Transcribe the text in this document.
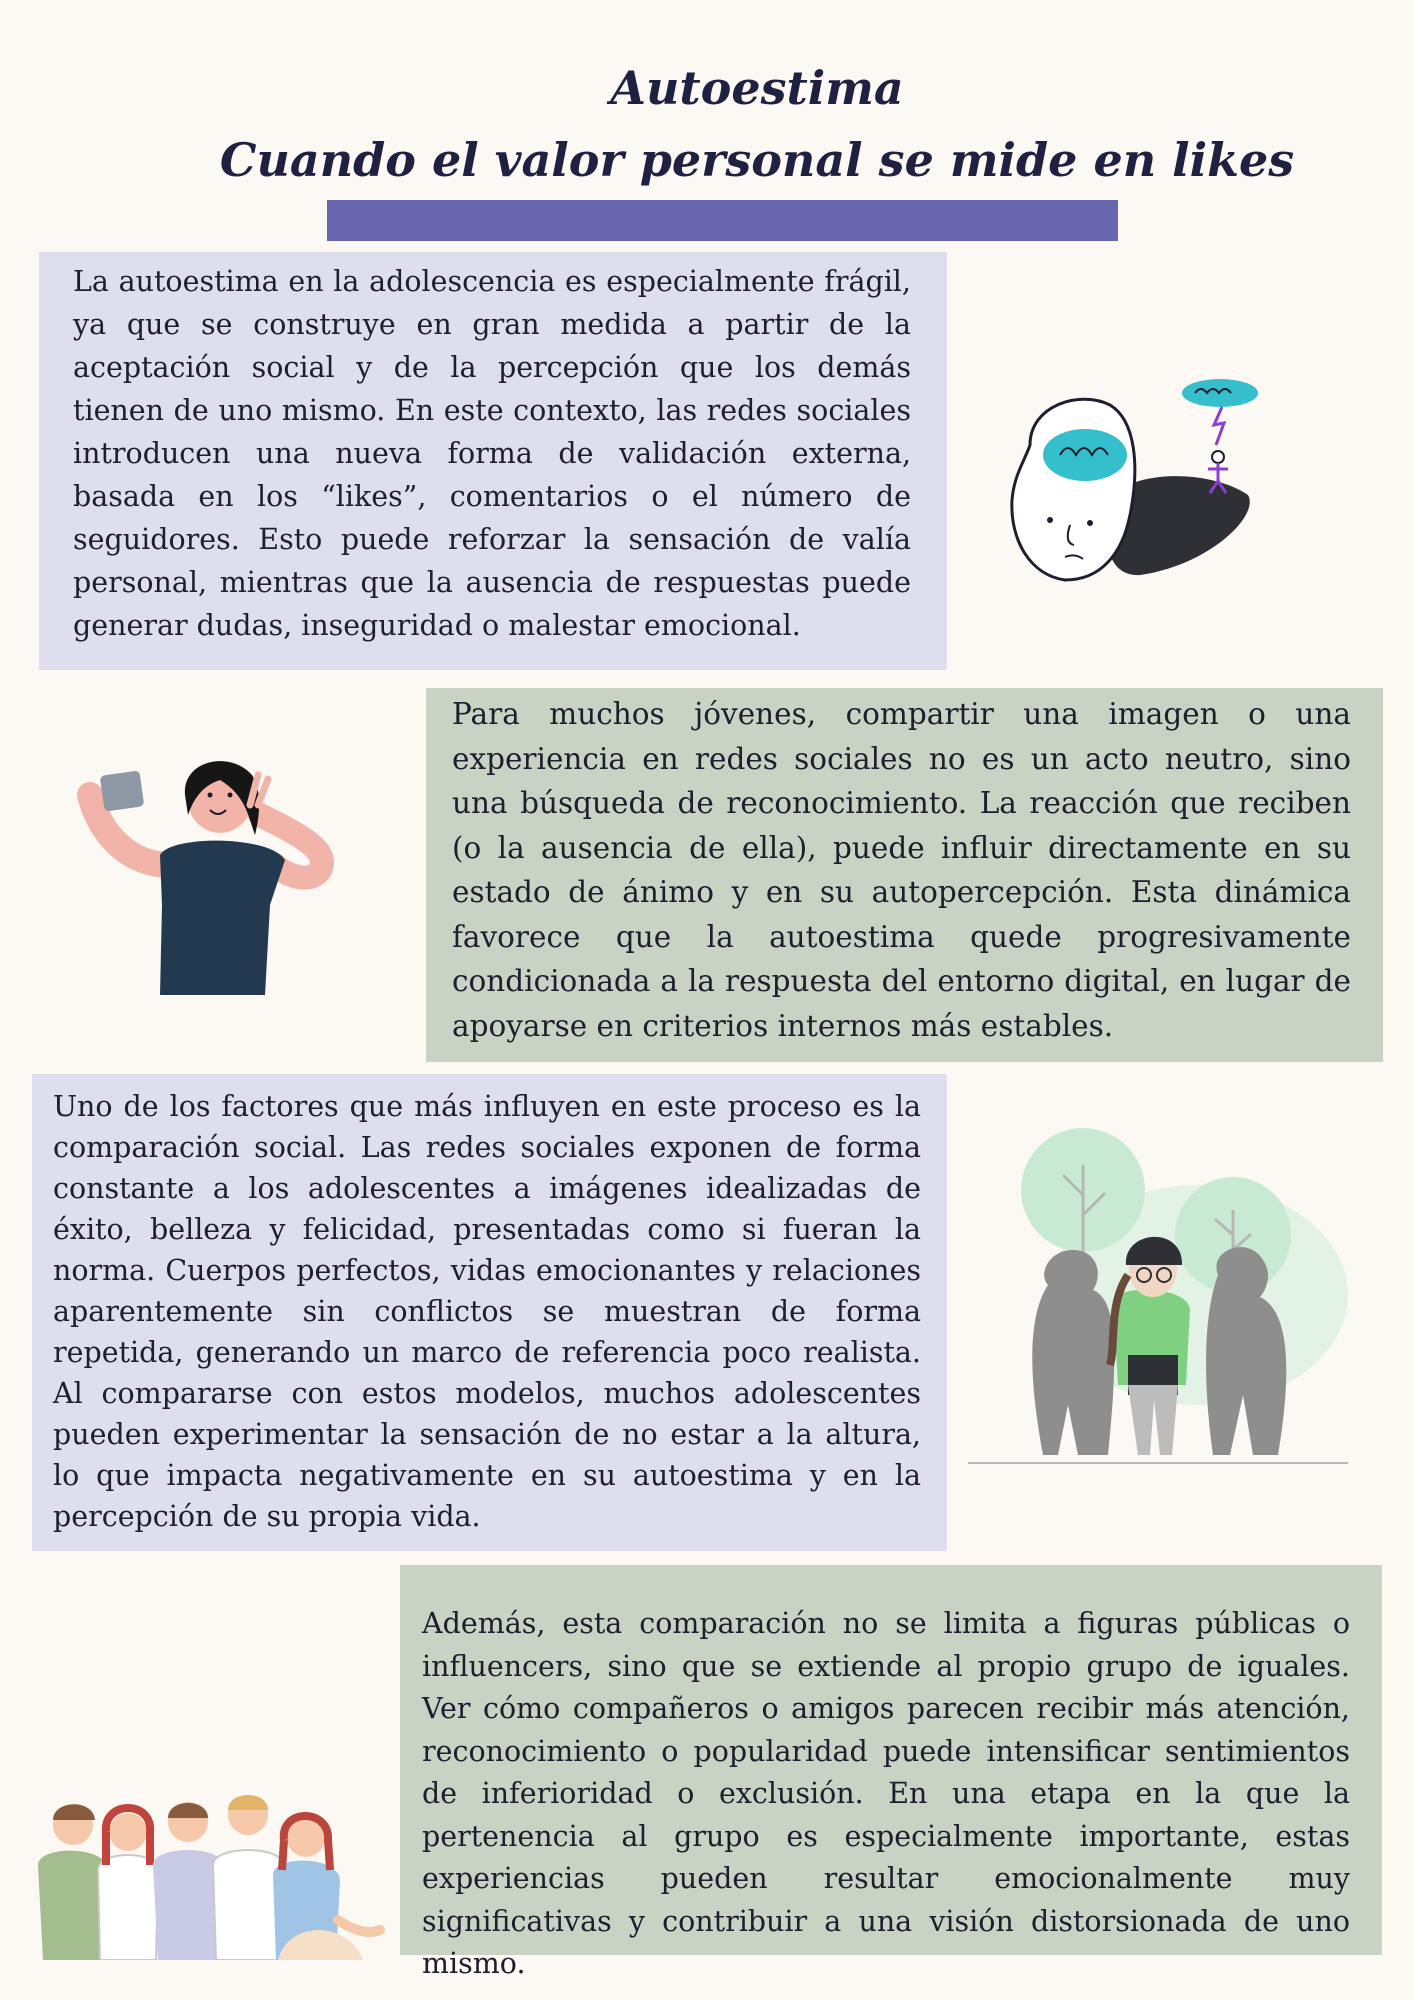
Autoestima
Cuando el valor personal se mide en likes

La autoestima en la adolescencia es especialmente frágil, ya que se construye en gran medida a partir de la aceptación social y de la percepción que los demás tienen de uno mismo. En este contexto, las redes sociales introducen una nueva forma de validación externa, basada en los “likes”, comentarios o el número de seguidores. Esto puede reforzar la sensación de valía personal, mientras que la ausencia de respuestas puede generar dudas, inseguridad o malestar emocional.

Para muchos jóvenes, compartir una imagen o una experiencia en redes sociales no es un acto neutro, sino una búsqueda de reconocimiento. La reacción que reciben (o la ausencia de ella), puede influir directamente en su estado de ánimo y en su autopercepción. Esta dinámica favorece que la autoestima quede progresivamente condicionada a la respuesta del entorno digital, en lugar de apoyarse en criterios internos más estables.

Uno de los factores que más influyen en este proceso es la comparación social. Las redes sociales exponen de forma constante a los adolescentes a imágenes idealizadas de éxito, belleza y felicidad, presentadas como si fueran la norma. Cuerpos perfectos, vidas emocionantes y relaciones aparentemente sin conflictos se muestran de forma repetida, generando un marco de referencia poco realista. Al compararse con estos modelos, muchos adolescentes pueden experimentar la sensación de no estar a la altura, lo que impacta negativamente en su autoestima y en la percepción de su propia vida.

Además, esta comparación no se limita a figuras públicas o influencers, sino que se extiende al propio grupo de iguales. Ver cómo compañeros o amigos parecen recibir más atención, reconocimiento o popularidad puede intensificar sentimientos de inferioridad o exclusión. En una etapa en la que la pertenencia al grupo es especialmente importante, estas experiencias pueden resultar emocionalmente muy significativas y contribuir a una visión distorsionada de uno mismo.
